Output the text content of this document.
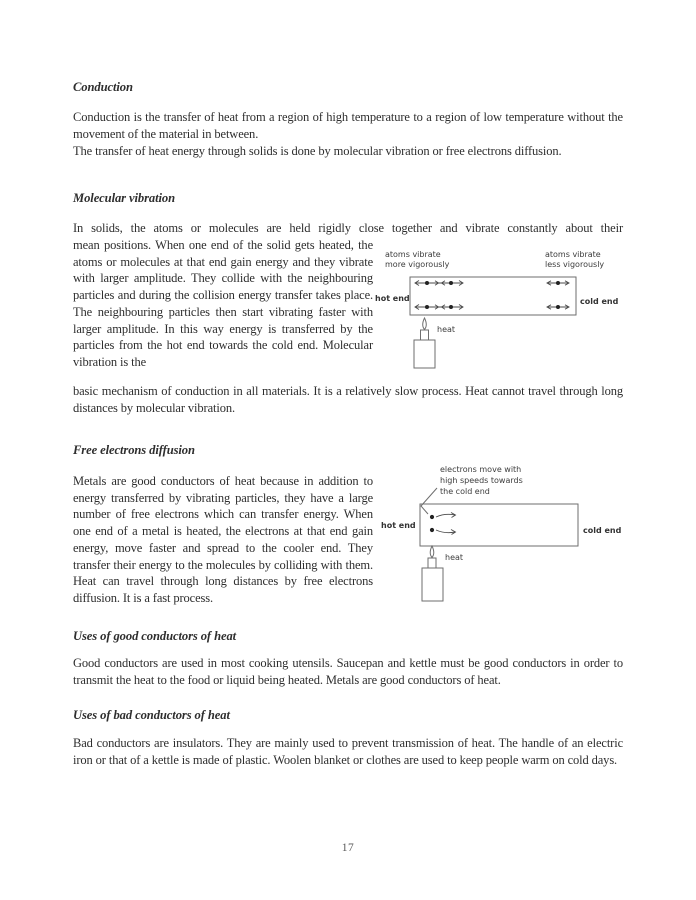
Conduction

Conduction is the transfer of heat from a region of high temperature to a region of low temperature without the movement of the material in between.

The transfer of heat energy through solids is done by molecular vibration or free electrons diffusion.

Molecular vibration
In solids, the atoms or molecules are held rigidly close together and vibrate constantly about their
mean positions. When one end of the solid gets heated, the atoms or molecules at that end gain energy and they vibrate with larger amplitude. They collide with the neighbouring particles and during the collision energy transfer takes place. The neighbouring particles then start vibrating faster with larger amplitude. In this way energy is transferred by the particles from the hot end towards the cold end. Molecular vibration is the
basic mechanism of conduction in all materials. It is a relatively slow process. Heat cannot travel through long distances by molecular vibration.
atoms vibrate
more vigorously
atoms vibrate
less vigorously
hot end	cold end
heat
Free electrons diffusion
Metals are good conductors of heat because in addition to energy transferred by vibrating particles, they have a large number of free electrons which can transfer energy. When one end of a metal is heated, the electrons at that end gain energy, move faster and spread to the cooler end. They transfer their energy to the molecules by colliding with them. Heat can travel through long distances by free electrons diffusion. It is a fast process.
electrons move with
high speeds towards
the cold end
hot end
cold end
heat
Uses of good conductors of heat
Good conductors are used in most cooking utensils. Saucepan and kettle must be good conductors in order to transmit the heat to the food or liquid being heated. Metals are good conductors of heat.
Uses of bad conductors of heat
Bad conductors are insulators. They are mainly used to prevent transmission of heat. The handle of an electric iron or that of a kettle is made of plastic. Woolen blanket or clothes are used to keep people warm on cold days.
17
